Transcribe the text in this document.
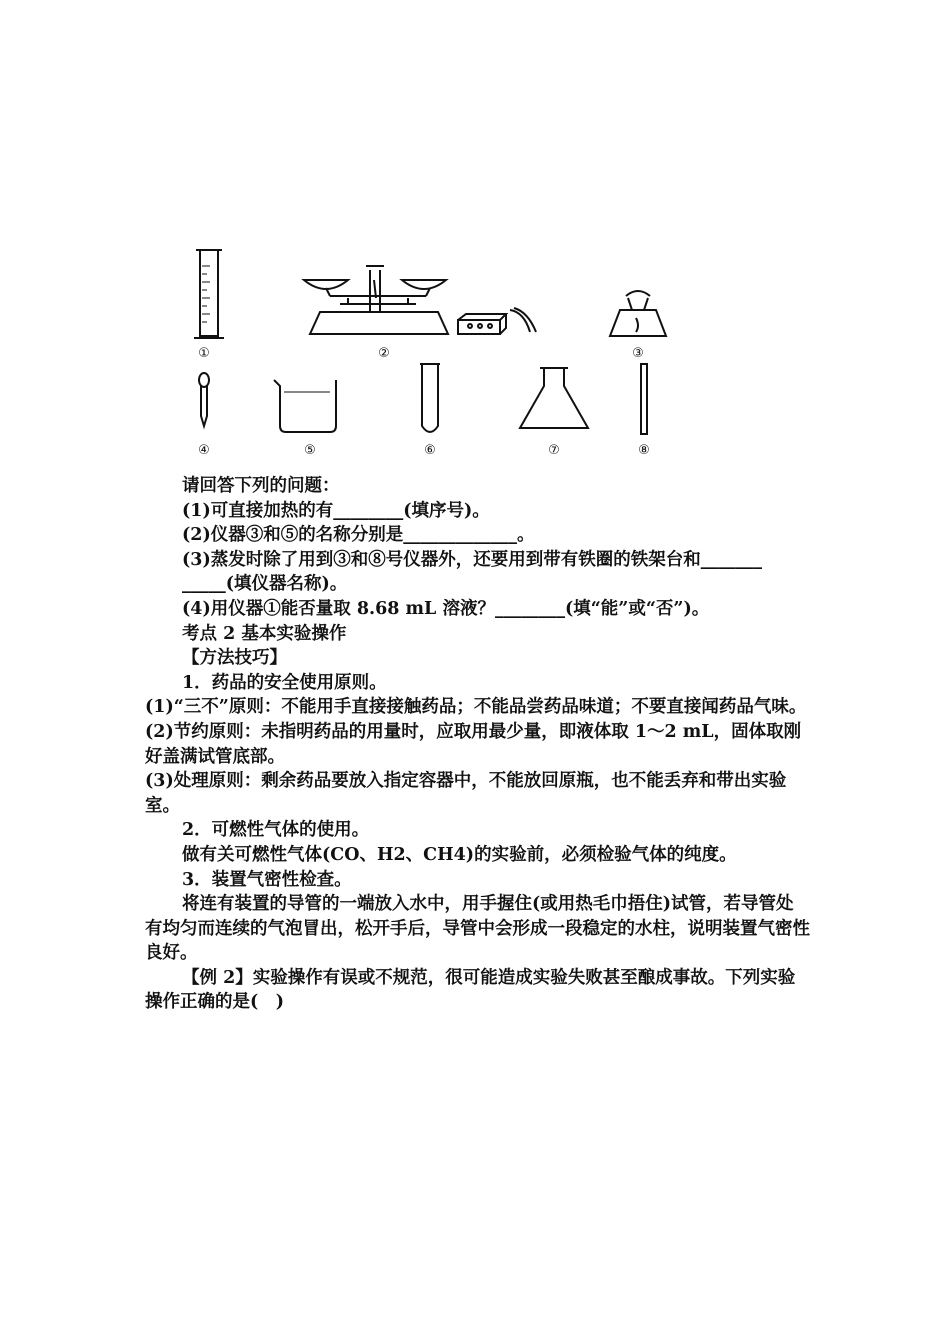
①	②	③
④	⑤	⑥	⑦	⑧

请回答下列的问题：

(1)可直接加热的有________(填序号)。

(2)仪器③和⑤的名称分别是_____________。

(3)蒸发时除了用到③和⑧号仪器外，还要用到带有铁圈的铁架台和_______

_____(填仪器名称)。

(4)用仪器①能否量取 8.68 mL 溶液？________(填“能”或“否”)。

考点 2 基本实验操作

【方法技巧】

1．药品的安全使用原则。

(1)“三不”原则：不能用手直接接触药品；不能品尝药品味道；不要直接闻药品气味。

(2)节约原则：未指明药品的用量时，应取用最少量，即液体取 1～2 mL，固体取刚好盖满试管底部。

(3)处理原则：剩余药品要放入指定容器中，不能放回原瓶，也不能丢弃和带出实验室。

2．可燃性气体的使用。

做有关可燃性气体(CO、H2、CH4)的实验前，必须检验气体的纯度。

3．装置气密性检查。

将连有装置的导管的一端放入水中，用手握住(或用热毛巾捂住)试管，若导管处有均匀而连续的气泡冒出，松开手后，导管中会形成一段稳定的水柱，说明装置气密性良好。

【例 2】实验操作有误或不规范，很可能造成实验失败甚至酿成事故。下列实验操作正确的是(　)
